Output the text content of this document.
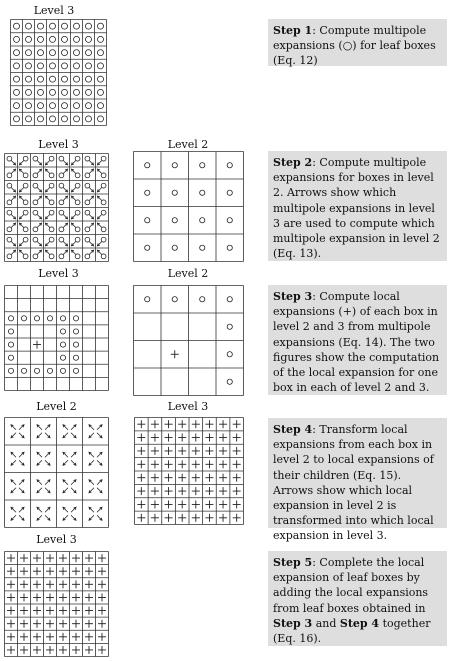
Level 3
Step 1: Compute multipole expansions (○) for leaf boxes (Eq. 12)
Level 3	Level 2
Step 2: Compute multipole expansions for boxes in level 2. Arrows show which multipole expansions in level 3 are used to compute which multipole expansion in level 2 (Eq. 13).
Level 3	Level 2
Step 3: Compute local expansions (+) of each box in level 2 and 3 from multipole expansions (Eq. 14). The two figures show the computation of the local expansion for one box in each of level 2 and 3.
Level 2	Level 3
Step 4: Transform local expansions from each box in level 2 to local expansions of their children (Eq. 15). Arrows show which local expansion in level 2 is transformed into which local expansion in level 3.
Level 3
Step 5: Complete the local expansion of leaf boxes by adding the local expansions from leaf boxes obtained in Step 3 and Step 4 together (Eq. 16).
